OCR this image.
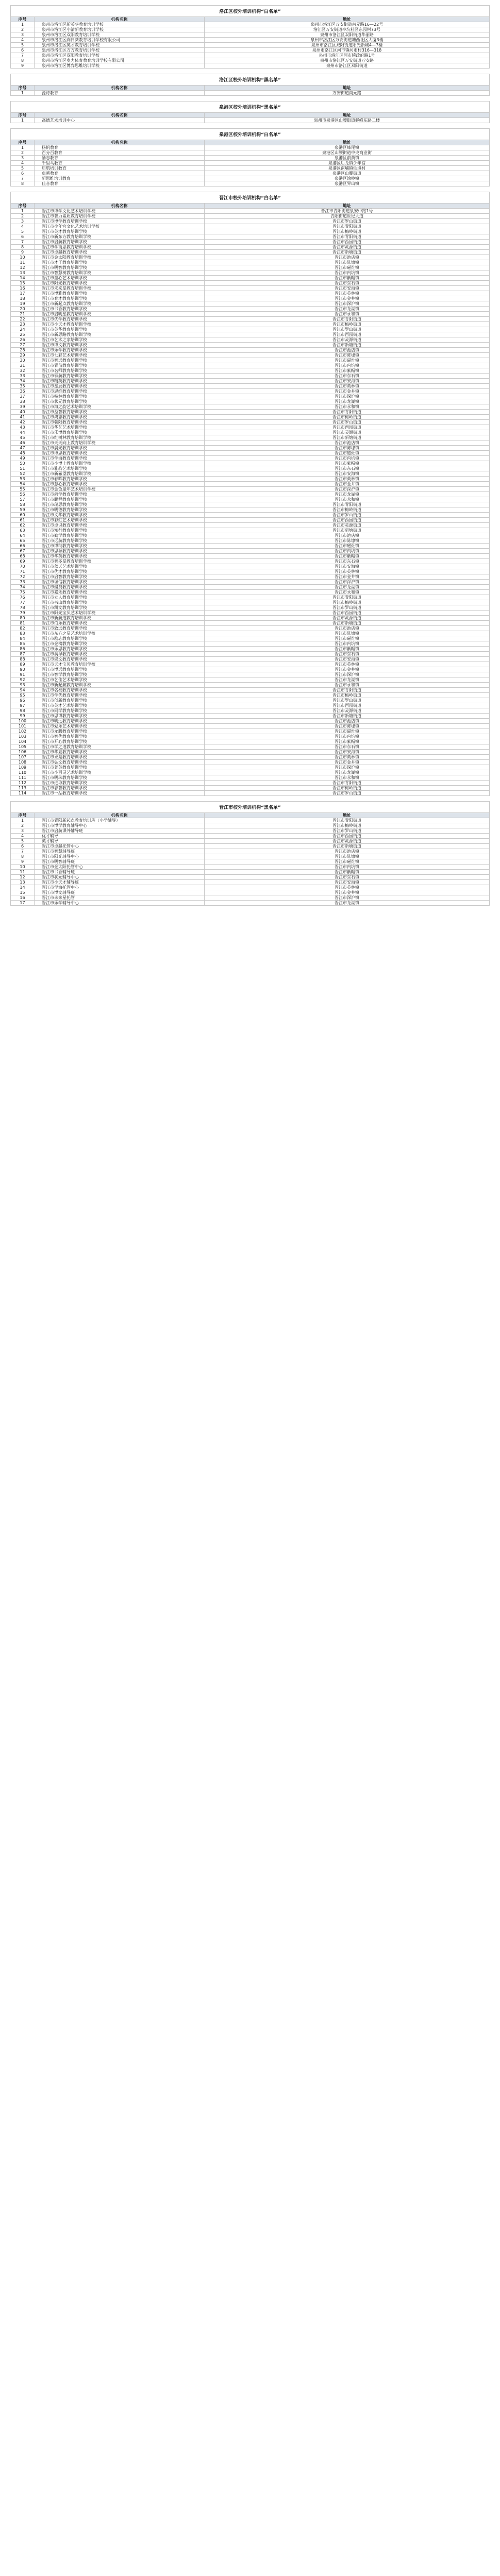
洛江区校外培训机构“白名单”
序号	机构名称	地址
1	泉州市洛江区新英华教育培训学校	泉州市洛江区万安街道南元路16—22号
2	泉州市洛江区小清新教育培训学校	洛江区万安街道亭坑社区东园村73号
3	泉州市洛江区双阳教育培训学校	泉州市洛江区双阳街道华丽路
4	泉州市洛江区向日葵教育培训学校有限公司	泉州市洛江区万安街道塘西社区大厦3楼
5	泉州市洛江区英才教育培训学校	泉州市洛江区双阳街道阳光新城4—7楼
6	泉州市洛江区万方教育培训学校	泉州市洛江区河市镇河市村316—318
7	泉州市洛江区双阳教育培训学校	泉州市洛江区河市镇政府路1号
8	泉州市洛江区奥力体育教育培训学校有限公司	泉州市洛江区万安街道万安路
9	泉州市洛江区博弈思维培训学校	泉州市洛江区双阳街道
洛江区校外培训机构“黑名单”
序号	机构名称	地址
1	源诗教育	万安街道南元路
泉港区校外培训机构“黑名单”
序号	机构名称	地址
1	高德艺术培训中心	泉州市泉港区山腰街道驿峰东路二楼
泉港区校外培训机构“白名单”
序号	机构名称	地址
1	扬帆教育	泉港区峰尾镇
2	百分百教育	泉港区山腰街道中央商业街
3	励志教育	泉港区前黄镇
4	千里马教育	泉港区后龙镇少年宫
5	启航培训教育	泉港区南埔镇仙境村
6	卓越教育	泉港区山腰街道
7	新思维培训教育	泉港区涂岭镇
8	佳音教育	泉港区界山镇
晋江市校外培训机构“白名单”
序号	机构名称	地址
1	晋江市博学文化艺术培训学校	晋江市青阳街道泉安中路1号
2	晋江市智力素质教育培训学校	青阳街道世纪大道
3	晋江市博学教育培训学校	晋江市罗山街道
4	晋江市少年宫文化艺术培训学校	晋江市青阳街道
5	晋江市英才教育培训学校	晋江市梅岭街道
6	晋江市新东方教育培训学校	晋江市青阳街道
7	晋江市启航教育培训学校	晋江市西园街道
8	晋江市学而思教育培训学校	晋江市灵源街道
9	晋江市卓越教育培训学校	晋江市新塘街道
10	晋江市金太阳教育培训学校	晋江市池店镇
11	晋江市才子教育培训学校	晋江市陈埭镇
12	晋江市明智教育培训学校	晋江市磁灶镇
13	晋江市智慧树教育培训学校	晋江市内坑镇
14	晋江市童心艺术培训学校	晋江市紫帽镇
15	晋江市阳光教育培训学校	晋江市东石镇
16	晋江市未来星教育培训学校	晋江市安海镇
17	晋江市博雅教育培训学校	晋江市英林镇
18	晋江市育才教育培训学校	晋江市金井镇
19	晋江市新起点教育培训学校	晋江市深沪镇
20	晋江市书香教育培训学校	晋江市龙湖镇
21	晋江市启明星教育培训学校	晋江市永和镇
22	晋江市优学教育培训学校	晋江市青阳街道
23	晋江市小天才教育培训学校	晋江市梅岭街道
24	晋江市英华教育培训学校	晋江市罗山街道
25	晋江市新思路教育培训学校	晋江市西园街道
26	晋江市艺术之家培训学校	晋江市灵源街道
27	晋江市博文教育培训学校	晋江市新塘街道
28	晋江市乐学教育培训学校	晋江市池店镇
29	晋江市七彩艺术培训学校	晋江市陈埭镇
30	晋江市智远教育培训学校	晋江市磁灶镇
31	晋江市青苗教育培训学校	晋江市内坑镇
32	晋江市名师教育培训学校	晋江市紫帽镇
33	晋江市领航教育培训学校	晋江市东石镇
34	晋江市精英教育培训学校	晋江市安海镇
35	晋江市星辰教育培训学校	晋江市英林镇
36	晋江市思维教育培训学校	晋江市金井镇
37	晋江市翰林教育培训学校	晋江市深沪镇
38	晋江市状元教育培训学校	晋江市龙湖镇
39	晋江市海之韵艺术培训学校	晋江市永和镇
40	晋江市益智教育培训学校	晋江市青阳街道
41	晋江市鸿志教育培训学校	晋江市梅岭街道
42	晋江市朝阳教育培训学校	晋江市罗山街道
43	晋江市华艺艺术培训学校	晋江市西园街道
44	晋江市乐博教育培训学校	晋江市灵源街道
45	晋江市红树林教育培训学校	晋江市新塘街道
46	晋江市天天向上教育培训学校	晋江市池店镇
47	晋江市晨光教育培训学校	晋江市陈埭镇
48	晋江市博思教育培训学校	晋江市磁灶镇
49	晋江市学海教育培训学校	晋江市内坑镇
50	晋江市小博士教育培训学校	晋江市紫帽镇
51	晋江市雅韵艺术培训学校	晋江市东石镇
52	晋江市新希望教育培训学校	晋江市安海镇
53	晋江市春晖教育培训学校	晋江市英林镇
54	晋江市慧心教育培训学校	晋江市金井镇
55	晋江市金色童年艺术培训学校	晋江市深沪镇
56	晋江市尚学教育培训学校	晋江市龙湖镇
57	晋江市鹏程教育培训学校	晋江市永和镇
58	晋江市瑞思教育培训学校	晋江市青阳街道
59	晋江市明德教育培训学校	晋江市梅岭街道
60	晋江市文华教育培训学校	晋江市罗山街道
61	晋江市彩虹艺术培训学校	晋江市西园街道
62	晋江市卓识教育培训学校	晋江市灵源街道
63	晋江市知行教育培训学校	晋江市新塘街道
64	晋江市勤学教育培训学校	晋江市池店镇
65	晋江市远航教育培训学校	晋江市陈埭镇
66	晋江市博纳教育培训学校	晋江市磁灶镇
67	晋江市思源教育培训学校	晋江市内坑镇
68	晋江市华英教育培训学校	晋江市紫帽镇
69	晋江市智多星教育培训学校	晋江市东石镇
70	晋江市蓝天艺术培训学校	晋江市安海镇
71	晋江市优才教育培训学校	晋江市英林镇
72	晋江市启智教育培训学校	晋江市金井镇
73	晋江市诚信教育培训学校	晋江市深沪镇
74	晋江市聚贤教育培训学校	晋江市龙湖镇
75	晋江市嘉禾教育培训学校	晋江市永和镇
76	晋江市立人教育培训学校	晋江市青阳街道
77	晋江市书山教育培训学校	晋江市梅岭街道
78	晋江市凯文教育培训学校	晋江市罗山街道
79	晋江市阳光宝贝艺术培训学校	晋江市西园街道
80	晋江市新航道教育培训学校	晋江市灵源街道
81	晋江市伯乐教育培训学校	晋江市新塘街道
82	晋江市致远教育培训学校	晋江市池店镇
83	晋江市东方之星艺术培训学校	晋江市陈埭镇
84	晋江市励志教育培训学校	晋江市磁灶镇
85	晋江市金榜教育培训学校	晋江市内坑镇
86	晋江市乐思教育培训学校	晋江市紫帽镇
87	晋江市润泽教育培训学校	晋江市东石镇
88	晋江市崇文教育培训学校	晋江市安海镇
89	晋江市天才宝贝教育培训学校	晋江市英林镇
90	晋江市博远教育培训学校	晋江市金井镇
91	晋江市智学教育培训学校	晋江市深沪镇
92	晋江市艺佳艺术培训学校	晋江市龙湖镇
93	晋江市新起航教育培训学校	晋江市永和镇
94	晋江市名校教育培训学校	晋江市青阳街道
95	晋江市学优教育培训学校	晋江市梅岭街道
96	晋江市创新教育培训学校	晋江市罗山街道
97	晋江市英才艺术培训学校	晋江市西园街道
98	晋江市同学教育培训学校	晋江市灵源街道
99	晋江市思博教育培训学校	晋江市新塘街道
100	晋江市明远教育培训学校	晋江市池店镇
101	晋江市爱乐艺术培训学校	晋江市陈埭镇
102	晋江市龙腾教育培训学校	晋江市磁灶镇
103	晋江市智优教育培训学校	晋江市内坑镇
104	晋江市开心教育培训学校	晋江市紫帽镇
105	晋江市学之道教育培训学校	晋江市东石镇
106	晋江市华夏教育培训学校	晋江市安海镇
107	晋江市求是教育培训学校	晋江市英林镇
108	晋江市弘文教育培训学校	晋江市金井镇
109	晋江市菁英教育培训学校	晋江市深沪镇
110	晋江市小百灵艺术培训学校	晋江市龙湖镇
111	晋江市明珠教育培训学校	晋江市永和镇
112	晋江市进取教育培训学校	晋江市青阳街道
113	晋江市睿智教育培训学校	晋江市梅岭街道
114	晋江市一品教育培训学校	晋江市罗山街道
晋江市校外培训机构“黑名单”
序号	机构名称	地址
1	晋江市青阳新起点教育培训班（小学辅导）	晋江市青阳街道
2	晋江市博学教育辅导中心	晋江市梅岭街道
3	晋江市启航课外辅导班	晋江市罗山街道
4	优才辅导	晋江市西园街道
5	英才辅导	晋江市灵源街道
6	晋江市卓越托管中心	晋江市新塘街道
7	晋江市智慧辅导班	晋江市池店镇
8	晋江市阳光辅导中心	晋江市陈埭镇
9	晋江市明智辅导班	晋江市磁灶镇
10	晋江市金太阳托管中心	晋江市内坑镇
11	晋江市书香辅导班	晋江市紫帽镇
12	晋江市状元辅导中心	晋江市东石镇
13	晋江市小天才辅导班	晋江市安海镇
14	晋江市学海托管中心	晋江市英林镇
15	晋江市博文辅导班	晋江市金井镇
16	晋江市未来星托管	晋江市深沪镇
17	晋江市乐学辅导中心	晋江市龙湖镇
